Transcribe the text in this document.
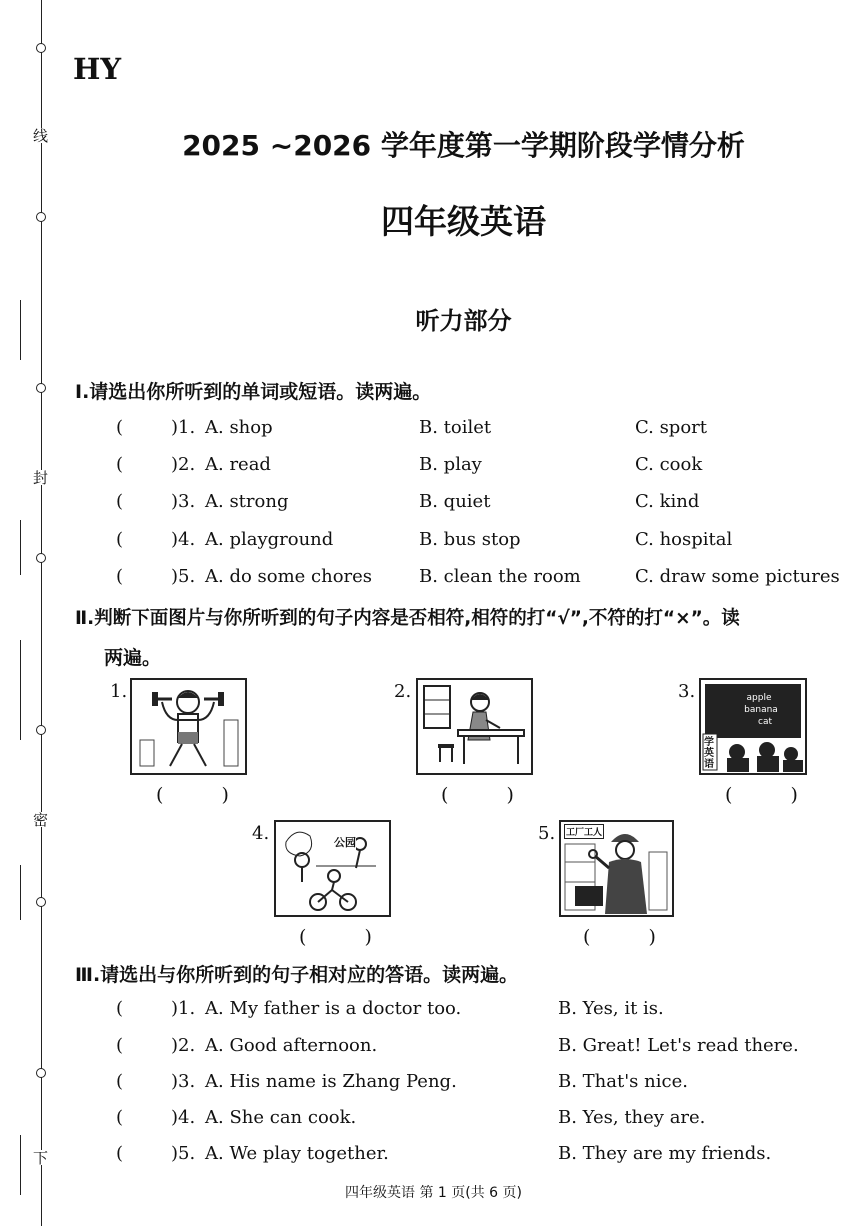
线
封
密
下
HY
2025 ~2026 学年度第一学期阶段学情分析
四年级英语
听力部分
Ⅰ.请选出你所听到的单词或短语。读两遍。
(	)1. A. shop	B. toilet	C. sport
(	)2. A. read	B. play	C. cook
(	)3. A. strong	B. quiet	C. kind
(	)4. A. playground	B. bus stop	C. hospital
(	)5. A. do some chores	B. clean the room	C. draw some pictures
Ⅱ.判断下面图片与你所听到的句子内容是否相符,相符的打“√”,不符的打“×”。读
两遍。
1.
( )
2.
( )
3.	apple
banana
cat
学英语
( )
4.	公园
( )
5. 工厂工人
( )
Ⅲ.请选出与你所听到的句子相对应的答语。读两遍。
(	)1. A. My father is a doctor too.	B. Yes, it is.
(	)2. A. Good afternoon.	B. Great! Let's read there.
(	)3. A. His name is Zhang Peng.	B. That's nice.
(	)4. A. She can cook.	B. Yes, they are.
(	)5. A. We play together.	B. They are my friends.
四年级英语 第 1 页(共 6 页)
